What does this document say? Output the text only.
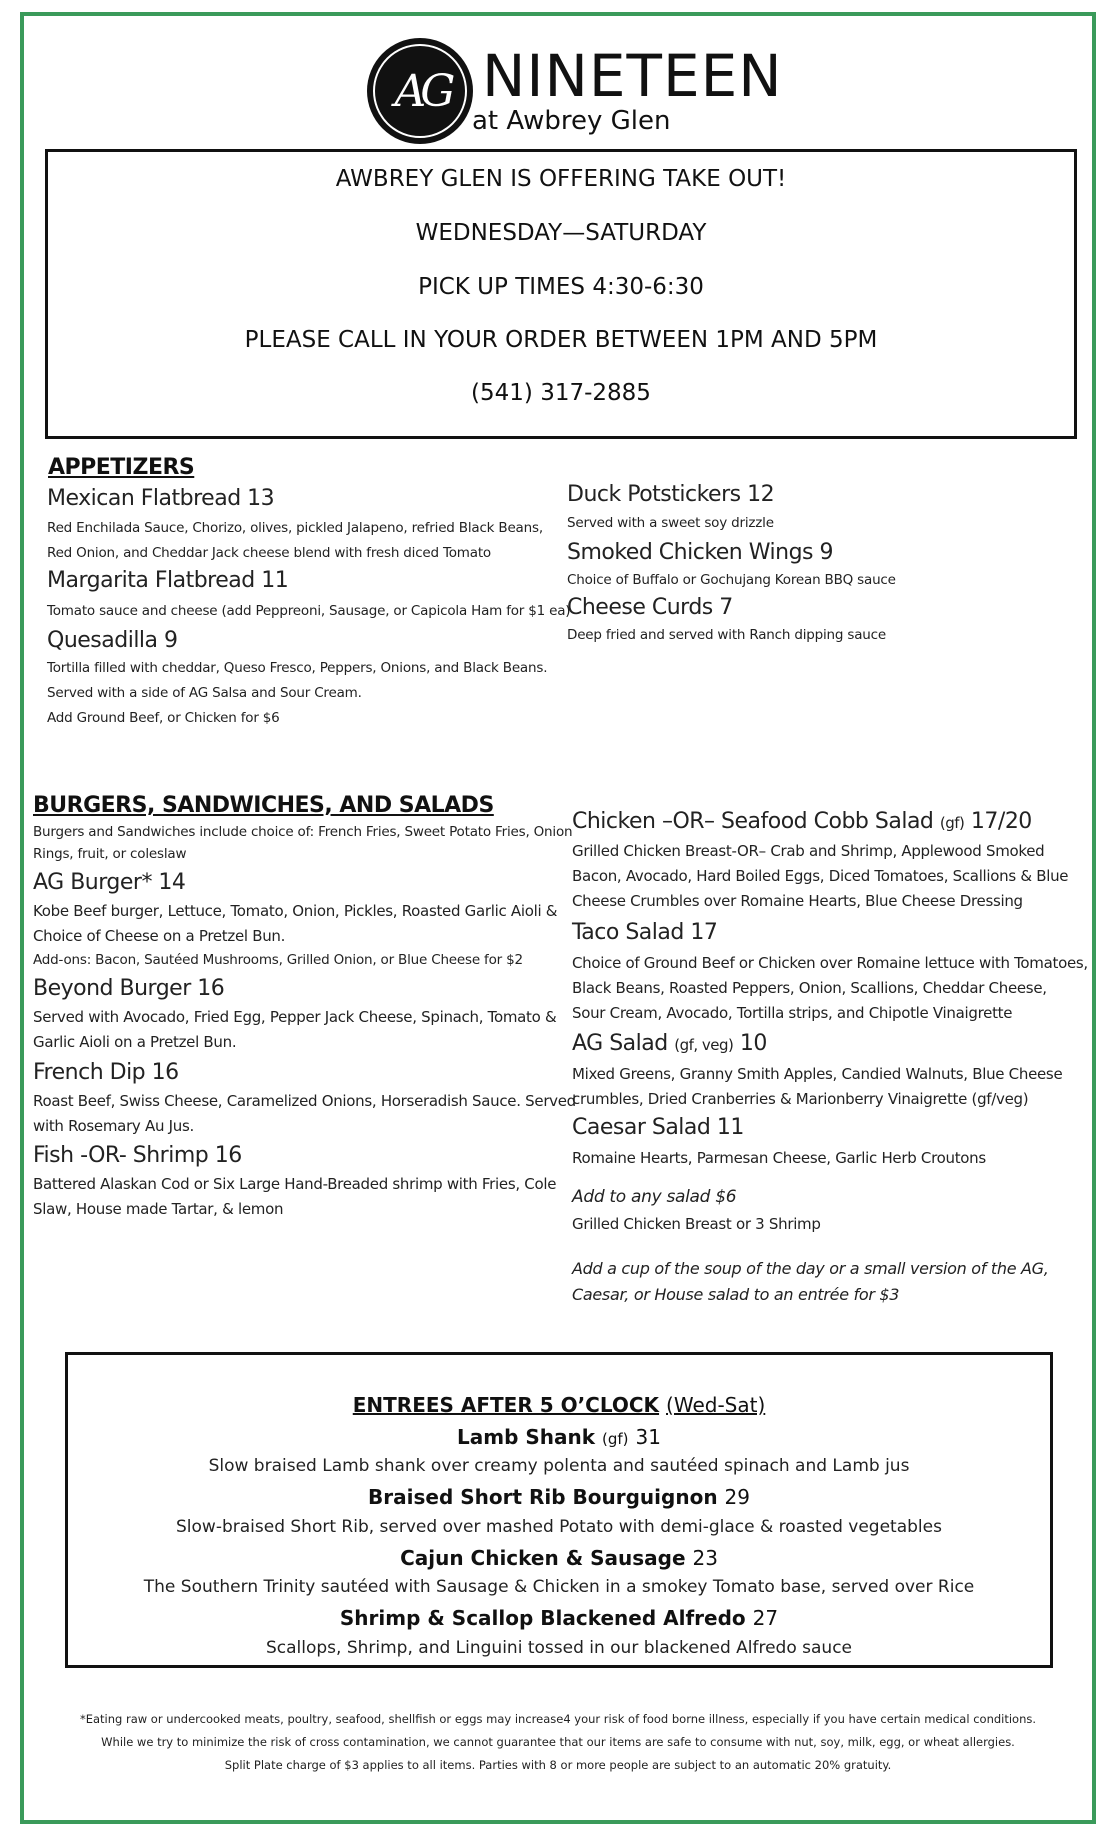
AG NINETEEN
at Awbrey Glen
AWBREY GLEN IS OFFERING TAKE OUT!
WEDNESDAY—SATURDAY
PICK UP TIMES 4:30-6:30
PLEASE CALL IN YOUR ORDER BETWEEN 1PM AND 5PM
(541) 317-2885
APPETIZERS
Mexican Flatbread 13
Red Enchilada Sauce, Chorizo, olives, pickled Jalapeno, refried Black Beans,
Red Onion, and Cheddar Jack cheese blend with fresh diced Tomato
Margarita Flatbread 11
Tomato sauce and cheese (add Peppreoni, Sausage, or Capicola Ham for $1 ea)
Quesadilla 9
Tortilla filled with cheddar, Queso Fresco, Peppers, Onions, and Black Beans.
Served with a side of AG Salsa and Sour Cream.
Add Ground Beef, or Chicken for $6
Duck Potstickers 12
Served with a sweet soy drizzle
Smoked Chicken Wings 9
Choice of Buffalo or Gochujang Korean BBQ sauce
Cheese Curds 7
Deep fried and served with Ranch dipping sauce
BURGERS, SANDWICHES, AND SALADS
Burgers and Sandwiches include choice of: French Fries, Sweet Potato Fries, Onion
Rings, fruit, or coleslaw
AG Burger* 14
Kobe Beef burger, Lettuce, Tomato, Onion, Pickles, Roasted Garlic Aioli &
Choice of Cheese on a Pretzel Bun.
Add-ons: Bacon, Sautéed Mushrooms, Grilled Onion, or Blue Cheese for $2
Beyond Burger 16
Served with Avocado, Fried Egg, Pepper Jack Cheese, Spinach, Tomato &
Garlic Aioli on a Pretzel Bun.
French Dip 16
Roast Beef, Swiss Cheese, Caramelized Onions, Horseradish Sauce. Served
with Rosemary Au Jus.
Fish -OR- Shrimp 16
Battered Alaskan Cod or Six Large Hand-Breaded shrimp with Fries, Cole
Slaw, House made Tartar, & lemon
Chicken –OR– Seafood Cobb Salad (gf) 17/20
Grilled Chicken Breast-OR– Crab and Shrimp, Applewood Smoked
Bacon, Avocado, Hard Boiled Eggs, Diced Tomatoes, Scallions & Blue
Cheese Crumbles over Romaine Hearts, Blue Cheese Dressing
Taco Salad 17
Choice of Ground Beef or Chicken over Romaine lettuce with Tomatoes,
Black Beans, Roasted Peppers, Onion, Scallions, Cheddar Cheese,
Sour Cream, Avocado, Tortilla strips, and Chipotle Vinaigrette
AG Salad (gf, veg) 10
Mixed Greens, Granny Smith Apples, Candied Walnuts, Blue Cheese
crumbles, Dried Cranberries & Marionberry Vinaigrette (gf/veg)
Caesar Salad 11
Romaine Hearts, Parmesan Cheese, Garlic Herb Croutons
Add to any salad $6
Grilled Chicken Breast or 3 Shrimp
Add a cup of the soup of the day or a small version of the AG,
Caesar, or House salad to an entrée for $3
ENTREES AFTER 5 O’CLOCK (Wed-Sat)
Lamb Shank (gf) 31
Slow braised Lamb shank over creamy polenta and sautéed spinach and Lamb jus
Braised Short Rib Bourguignon 29
Slow-braised Short Rib, served over mashed Potato with demi-glace & roasted vegetables
Cajun Chicken & Sausage 23
The Southern Trinity sautéed with Sausage & Chicken in a smokey Tomato base, served over Rice
Shrimp & Scallop Blackened Alfredo 27
Scallops, Shrimp, and Linguini tossed in our blackened Alfredo sauce
*Eating raw or undercooked meats, poultry, seafood, shellfish or eggs may increase4 your risk of food borne illness, especially if you have certain medical conditions.
While we try to minimize the risk of cross contamination, we cannot guarantee that our items are safe to consume with nut, soy, milk, egg, or wheat allergies.
Split Plate charge of $3 applies to all items. Parties with 8 or more people are subject to an automatic 20% gratuity.
